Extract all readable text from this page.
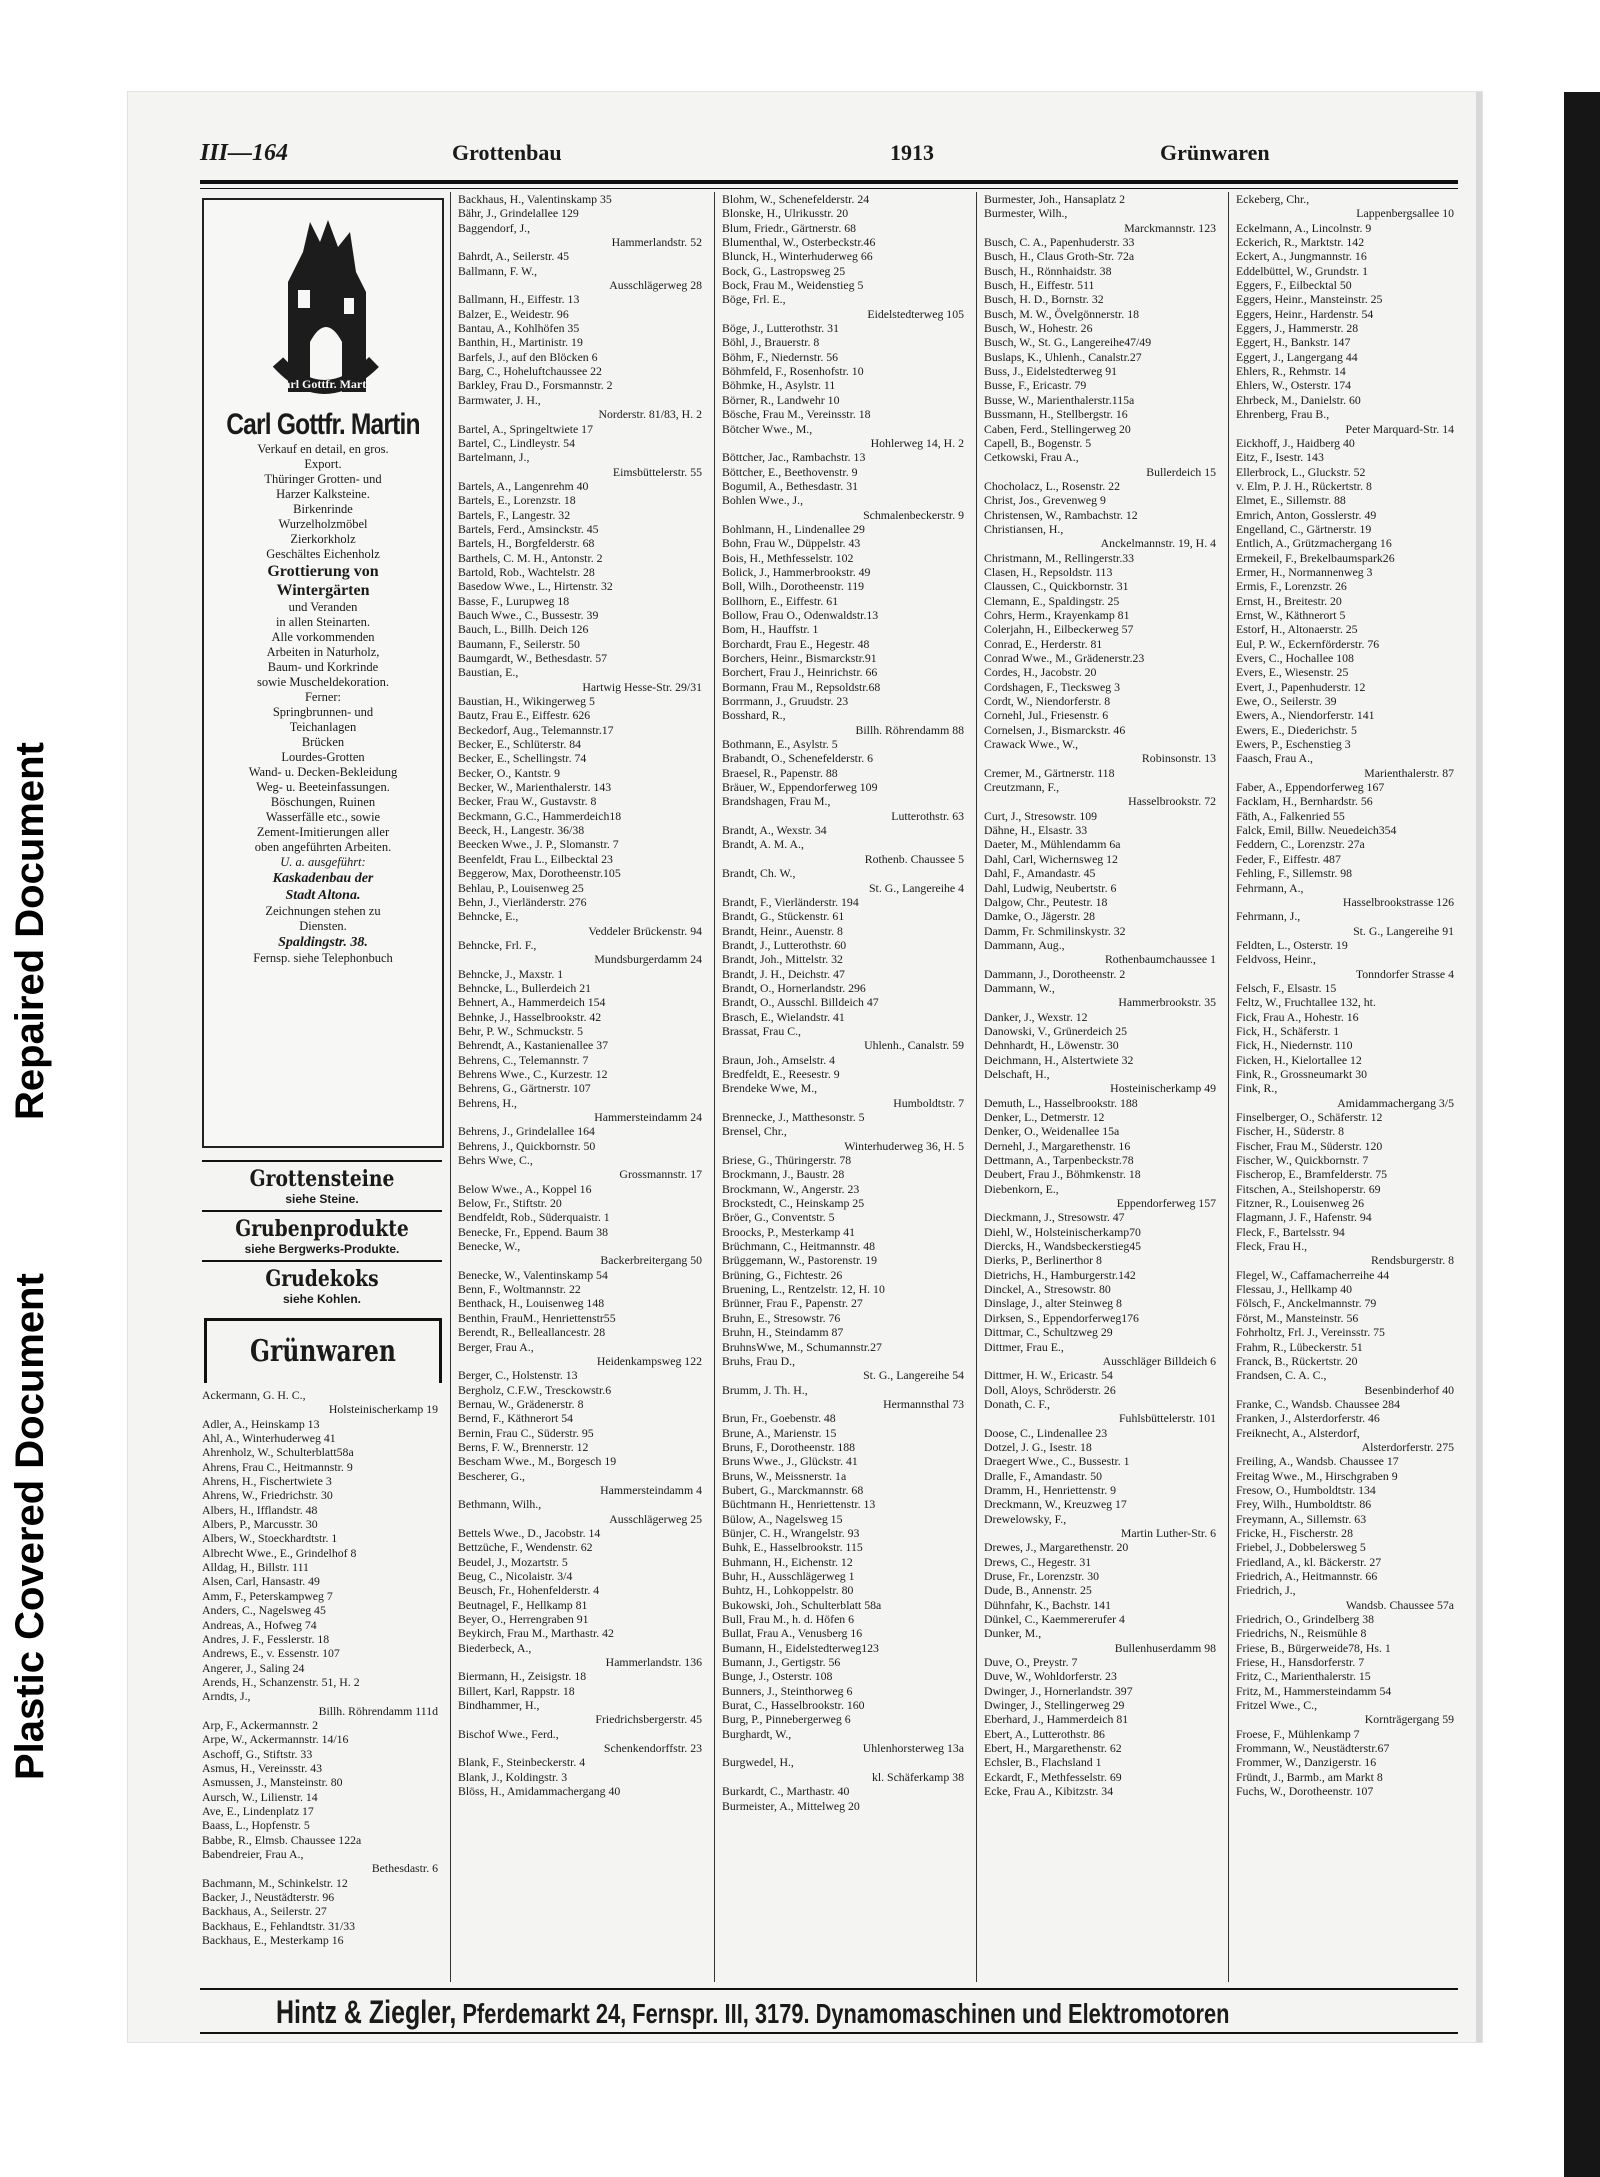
Repaired Document
Plastic Covered Document
III—164	Grottenbau	1913	Grünwaren
Carl Gottfr. Martin
Carl Gottfr. Martin
Verkauf en detail, en gros.
Export.
Thüringer Grotten- und
Harzer Kalksteine.
Birkenrinde
Wurzelholzmöbel
Zierkorkholz
Geschältes Eichenholz
Grottierung von
Wintergärten
und Veranden
in allen Steinarten.
Alle vorkommenden
Arbeiten in Naturholz,
Baum- und Korkrinde
sowie Muscheldekoration.
Ferner:
Springbrunnen- und
Teichanlagen
Brücken
Lourdes-Grotten
Wand- u. Decken-Bekleidung
Weg- u. Beeteinfassungen.
Böschungen, Ruinen
Wasserfälle etc., sowie
Zement-Imitierungen aller
oben angeführten Arbeiten.
U. a. ausgeführt:
Kaskadenbau der
Stadt Altona.
Zeichnungen stehen zu
Diensten.
Spaldingstr. 38.
Fernsp. siehe Telephonbuch
Grottensteine
siehe Steine.
Grubenprodukte
siehe Bergwerks-Produkte.
Grudekoks
siehe Kohlen.
Grünwaren
Ackermann, G. H. C.,
Holsteinischerkamp 19
Adler, A., Heinskamp 13
Ahl, A., Winterhuderweg 41
Ahrenholz, W., Schulterblatt58a
Ahrens, Frau C., Heitmannstr. 9
Ahrens, H., Fischertwiete 3
Ahrens, W., Friedrichstr. 30
Albers, H., Ifflandstr. 48
Albers, P., Marcusstr. 30
Albers, W., Stoeckhardtstr. 1
Albrecht Wwe., E., Grindelhof 8
Alldag, H., Billstr. 111
Alsen, Carl, Hansastr. 49
Amm, F., Peterskampweg 7
Anders, C., Nagelsweg 45
Andreas, A., Hofweg 74
Andres, J. F., Fesslerstr. 18
Andrews, E., v. Essenstr. 107
Angerer, J., Saling 24
Arends, H., Schanzenstr. 51, H. 2
Arndts, J.,
Billh. Röhrendamm 111d
Arp, F., Ackermannstr. 2
Arpe, W., Ackermannstr. 14/16
Aschoff, G., Stiftstr. 33
Asmus, H., Vereinsstr. 43
Asmussen, J., Mansteinstr. 80
Aursch, W., Lilienstr. 14
Ave, E., Lindenplatz 17
Baass, L., Hopfenstr. 5
Babbe, R., Elmsb. Chaussee 122a
Babendreier, Frau A.,
Bethesdastr. 6
Bachmann, M., Schinkelstr. 12
Backer, J., Neustädterstr. 96
Backhaus, A., Seilerstr. 27
Backhaus, E., Fehlandtstr. 31/33
Backhaus, E., Mesterkamp 16
Backhaus, H., Valentinskamp 35
Bähr, J., Grindelallee 129
Baggendorf, J.,
Hammerlandstr. 52
Bahrdt, A., Seilerstr. 45
Ballmann, F. W.,
Ausschlägerweg 28
Ballmann, H., Eiffestr. 13
Balzer, E., Weidestr. 96
Bantau, A., Kohlhöfen 35
Banthin, H., Martinistr. 19
Barfels, J., auf den Blöcken 6
Barg, C., Hoheluftchaussee 22
Barkley, Frau D., Forsmannstr. 2
Barmwater, J. H.,
Norderstr. 81/83, H. 2
Bartel, A., Springeltwiete 17
Bartel, C., Lindleystr. 54
Bartelmann, J.,
Eimsbüttelerstr. 55
Bartels, A., Langenrehm 40
Bartels, E., Lorenzstr. 18
Bartels, F., Langestr. 32
Bartels, Ferd., Amsinckstr. 45
Bartels, H., Borgfelderstr. 68
Barthels, C. M. H., Antonstr. 2
Bartold, Rob., Wachtelstr. 28
Basedow Wwe., L., Hirtenstr. 32
Basse, F., Lurupweg 18
Bauch Wwe., C., Bussestr. 39
Bauch, L., Billh. Deich 126
Baumann, F., Seilerstr. 50
Baumgardt, W., Bethesdastr. 57
Baustian, E.,
Hartwig Hesse-Str. 29/31
Baustian, H., Wikingerweg 5
Bautz, Frau E., Eiffestr. 626
Beckedorf, Aug., Telemannstr.17
Becker, E., Schlüterstr. 84
Becker, E., Schellingstr. 74
Becker, O., Kantstr. 9
Becker, W., Marienthalerstr. 143
Becker, Frau W., Gustavstr. 8
Beckmann, G.C., Hammerdeich18
Beeck, H., Langestr. 36/38
Beecken Wwe., J. P., Slomanstr. 7
Beenfeldt, Frau L., Eilbecktal 23
Beggerow, Max, Dorotheenstr.105
Behlau, P., Louisenweg 25
Behn, J., Vierländerstr. 276
Behncke, E.,
Veddeler Brückenstr. 94
Behncke, Frl. F.,
Mundsburgerdamm 24
Behncke, J., Maxstr. 1
Behncke, L., Bullerdeich 21
Behnert, A., Hammerdeich 154
Behnke, J., Hasselbrookstr. 42
Behr, P. W., Schmuckstr. 5
Behrendt, A., Kastanienallee 37
Behrens, C., Telemannstr. 7
Behrens Wwe., C., Kurzestr. 12
Behrens, G., Gärtnerstr. 107
Behrens, H.,
Hammersteindamm 24
Behrens, J., Grindelallee 164
Behrens, J., Quickbornstr. 50
Behrs Wwe, C.,
Grossmannstr. 17
Below Wwe., A., Koppel 16
Below, Fr., Stiftstr. 20
Bendfeldt, Rob., Süderquaistr. 1
Benecke, Fr., Eppend. Baum 38
Benecke, W.,
Backerbreitergang 50
Benecke, W., Valentinskamp 54
Benn, F., Woltmannstr. 22
Benthack, H., Louisenweg 148
Benthin, FrauM., Henriettenstr55
Berendt, R., Belleallancestr. 28
Berger, Frau A.,
Heidenkampsweg 122
Berger, C., Holstenstr. 13
Bergholz, C.F.W., Tresckowstr.6
Bernau, W., Grädenerstr. 8
Bernd, F., Käthnerort 54
Bernin, Frau C., Süderstr. 95
Berns, F. W., Brennerstr. 12
Bescham Wwe., M., Borgesch 19
Bescherer, G.,
Hammersteindamm 4
Bethmann, Wilh.,
Ausschlägerweg 25
Bettels Wwe., D., Jacobstr. 14
Bettzüche, F., Wendenstr. 62
Beudel, J., Mozartstr. 5
Beug, C., Nicolaistr. 3/4
Beusch, Fr., Hohenfelderstr. 4
Beutnagel, F., Hellkamp 81
Beyer, O., Herrengraben 91
Beykirch, Frau M., Marthastr. 42
Biederbeck, A.,
Hammerlandstr. 136
Biermann, H., Zeisigstr. 18
Billert, Karl, Rappstr. 18
Bindhammer, H.,
Friedrichsbergerstr. 45
Bischof Wwe., Ferd.,
Schenkendorffstr. 23
Blank, F., Steinbeckerstr. 4
Blank, J., Koldingstr. 3
Blöss, H., Amidammachergang 40
Blohm, W., Schenefelderstr. 24
Blonske, H., Ulrikusstr. 20
Blum, Friedr., Gärtnerstr. 68
Blumenthal, W., Osterbeckstr.46
Blunck, H., Winterhuderweg 66
Bock, G., Lastropsweg 25
Bock, Frau M., Weidenstieg 5
Böge, Frl. E.,
Eidelstedterweg 105
Böge, J., Lutterothstr. 31
Böhl, J., Brauerstr. 8
Böhm, F., Niedernstr. 56
Böhmfeld, F., Rosenhofstr. 10
Böhmke, H., Asylstr. 11
Börner, R., Landwehr 10
Bösche, Frau M., Vereinsstr. 18
Bötcher Wwe., M.,
Hohlerweg 14, H. 2
Böttcher, Jac., Rambachstr. 13
Böttcher, E., Beethovenstr. 9
Bogumil, A., Bethesdastr. 31
Bohlen Wwe., J.,
Schmalenbeckerstr. 9
Bohlmann, H., Lindenallee 29
Bohn, Frau W., Düppelstr. 43
Bois, H., Methfesselstr. 102
Bolick, J., Hammerbrookstr. 49
Boll, Wilh., Dorotheenstr. 119
Bollhorn, E., Eiffestr. 61
Bollow, Frau O., Odenwaldstr.13
Bom, H., Hauffstr. 1
Borchardt, Frau E., Hegestr. 48
Borchers, Heinr., Bismarckstr.91
Borchert, Frau J., Heinrichstr. 66
Bormann, Frau M., Repsoldstr.68
Borrmann, J., Gruudstr. 23
Bosshard, R.,
Billh. Röhrendamm 88
Bothmann, E., Asylstr. 5
Brabandt, O., Schenefelderstr. 6
Braesel, R., Papenstr. 88
Bräuer, W., Eppendorferweg 109
Brandshagen, Frau M.,
Lutterothstr. 63
Brandt, A., Wexstr. 34
Brandt, A. M. A.,
Rothenb. Chaussee 5
Brandt, Ch. W.,
St. G., Langereihe 4
Brandt, F., Vierländerstr. 194
Brandt, G., Stückenstr. 61
Brandt, Heinr., Auenstr. 8
Brandt, J., Lutterothstr. 60
Brandt, Joh., Mittelstr. 32
Brandt, J. H., Deichstr. 47
Brandt, O., Hornerlandstr. 296
Brandt, O., Ausschl. Billdeich 47
Brasch, E., Wielandstr. 41
Brassat, Frau C.,
Uhlenh., Canalstr. 59
Braun, Joh., Amselstr. 4
Bredfeldt, E., Reesestr. 9
Brendeke Wwe, M.,
Humboldtstr. 7
Brennecke, J., Matthesonstr. 5
Brensel, Chr.,
Winterhuderweg 36, H. 5
Briese, G., Thüringerstr. 78
Brockmann, J., Baustr. 28
Brockmann, W., Angerstr. 23
Brockstedt, C., Heinskamp 25
Bröer, G., Conventstr. 5
Broocks, P., Mesterkamp 41
Brüchmann, C., Heitmannstr. 48
Brüggemann, W., Pastorenstr. 19
Brüning, G., Fichtestr. 26
Bruening, L., Rentzelstr. 12, H. 10
Brünner, Frau F., Papenstr. 27
Bruhn, E., Stresowstr. 76
Bruhn, H., Steindamm 87
BruhnsWwe, M., Schumannstr.27
Bruhs, Frau D.,
St. G., Langereihe 54
Brumm, J. Th. H.,
Hermannsthal 73
Brun, Fr., Goebenstr. 48
Brune, A., Marienstr. 15
Bruns, F., Dorotheenstr. 188
Bruns Wwe., J., Glückstr. 41
Bruns, W., Meissnerstr. 1a
Bubert, G., Marckmannstr. 68
Büchtmann H., Henriettenstr. 13
Bülow, A., Nagelsweg 15
Bünjer, C. H., Wrangelstr. 93
Buhk, E., Hasselbrookstr. 115
Buhmann, H., Eichenstr. 12
Buhr, H., Ausschlägerweg 1
Buhtz, H., Lohkoppelstr. 80
Bukowski, Joh., Schulterblatt 58a
Bull, Frau M., h. d. Höfen 6
Bullat, Frau A., Venusberg 16
Bumann, H., Eidelstedterweg123
Bumann, J., Gertigstr. 56
Bunge, J., Osterstr. 108
Bunners, J., Steinthorweg 6
Burat, C., Hasselbrookstr. 160
Burg, P., Pinnebergerweg 6
Burghardt, W.,
Uhlenhorsterweg 13a
Burgwedel, H.,
kl. Schäferkamp 38
Burkardt, C., Marthastr. 40
Burmeister, A., Mittelweg 20
Burmester, Joh., Hansaplatz 2
Burmester, Wilh.,
Marckmannstr. 123
Busch, C. A., Papenhuderstr. 33
Busch, H., Claus Groth-Str. 72a
Busch, H., Rönnhaidstr. 38
Busch, H., Eiffestr. 511
Busch, H. D., Bornstr. 32
Busch, M. W., Övelgönnerstr. 18
Busch, W., Hohestr. 26
Busch, W., St. G., Langereihe47/49
Buslaps, K., Uhlenh., Canalstr.27
Buss, J., Eidelstedterweg 91
Busse, F., Ericastr. 79
Busse, W., Marienthalerstr.115a
Bussmann, H., Stellbergstr. 16
Caben, Ferd., Stellingerweg 20
Capell, B., Bogenstr. 5
Cetkowski, Frau A.,
Bullerdeich 15
Chocholacz, L., Rosenstr. 22
Christ, Jos., Grevenweg 9
Christensen, W., Rambachstr. 12
Christiansen, H.,
Anckelmannstr. 19, H. 4
Christmann, M., Rellingerstr.33
Clasen, H., Repsoldstr. 113
Claussen, C., Quickbornstr. 31
Clemann, E., Spaldingstr. 25
Cohrs, Herm., Krayenkamp 81
Colerjahn, H., Eilbeckerweg 57
Conrad, E., Herderstr. 81
Conrad Wwe., M., Grädenerstr.23
Cordes, H., Jacobstr. 20
Cordshagen, F., Tiecksweg 3
Cordt, W., Niendorferstr. 8
Cornehl, Jul., Friesenstr. 6
Cornelsen, J., Bismarckstr. 46
Crawack Wwe., W.,
Robinsonstr. 13
Cremer, M., Gärtnerstr. 118
Creutzmann, F.,
Hasselbrookstr. 72
Curt, J., Stresowstr. 109
Dähne, H., Elsastr. 33
Daeter, M., Mühlendamm 6a
Dahl, Carl, Wichernsweg 12
Dahl, F., Amandastr. 45
Dahl, Ludwig, Neubertstr. 6
Dalgow, Chr., Peutestr. 18
Damke, O., Jägerstr. 28
Damm, Fr. Schmilinskystr. 32
Dammann, Aug.,
Rothenbaumchaussee 1
Dammann, J., Dorotheenstr. 2
Dammann, W.,
Hammerbrookstr. 35
Danker, J., Wexstr. 12
Danowski, V., Grünerdeich 25
Dehnhardt, H., Löwenstr. 30
Deichmann, H., Alstertwiete 32
Delschaft, H.,
Hosteinischerkamp 49
Demuth, L., Hasselbrookstr. 188
Denker, L., Detmerstr. 12
Denker, O., Weidenallee 15a
Dernehl, J., Margarethenstr. 16
Dettmann, A., Tarpenbeckstr.78
Deubert, Frau J., Böhmkenstr. 18
Diebenkorn, E.,
Eppendorferweg 157
Dieckmann, J., Stresowstr. 47
Diehl, W., Holsteinischerkamp70
Diercks, H., Wandsbeckerstieg45
Dierks, P., Berlinerthor 8
Dietrichs, H., Hamburgerstr.142
Dinckel, A., Stresowstr. 80
Dinslage, J., alter Steinweg 8
Dirksen, S., Eppendorferweg176
Dittmar, C., Schultzweg 29
Dittmer, Frau E.,
Ausschläger Billdeich 6
Dittmer, H. W., Ericastr. 54
Doll, Aloys, Schröderstr. 26
Donath, C. F.,
Fuhlsbüttelerstr. 101
Doose, C., Lindenallee 23
Dotzel, J. G., Isestr. 18
Draegert Wwe., C., Bussestr. 1
Dralle, F., Amandastr. 50
Dramm, H., Henriettenstr. 9
Dreckmann, W., Kreuzweg 17
Drewelowsky, F.,
Martin Luther-Str. 6
Drewes, J., Margarethenstr. 20
Drews, C., Hegestr. 31
Druse, Fr., Lorenzstr. 30
Dude, B., Annenstr. 25
Dühnfahr, K., Bachstr. 141
Dünkel, C., Kaemmererufer 4
Dunker, M.,
Bullenhuserdamm 98
Duve, O., Preystr. 7
Duve, W., Wohldorferstr. 23
Dwinger, J., Hornerlandstr. 397
Dwinger, J., Stellingerweg 29
Eberhard, J., Hammerdeich 81
Ebert, A., Lutterothstr. 86
Ebert, H., Margarethenstr. 62
Echsler, B., Flachsland 1
Eckardt, F., Methfesselstr. 69
Ecke, Frau A., Kibitzstr. 34
Eckeberg, Chr.,
Lappenbergsallee 10
Eckelmann, A., Lincolnstr. 9
Eckerich, R., Marktstr. 142
Eckert, A., Jungmannstr. 16
Eddelbüttel, W., Grundstr. 1
Eggers, F., Eilbecktal 50
Eggers, Heinr., Mansteinstr. 25
Eggers, Heinr., Hardenstr. 54
Eggers, J., Hammerstr. 28
Eggert, H., Bankstr. 147
Eggert, J., Langergang 44
Ehlers, R., Rehmstr. 14
Ehlers, W., Osterstr. 174
Ehrbeck, M., Danielstr. 60
Ehrenberg, Frau B.,
Peter Marquard-Str. 14
Eickhoff, J., Haidberg 40
Eitz, F., Isestr. 143
Ellerbrock, L., Gluckstr. 52
v. Elm, P. J. H., Rückertstr. 8
Elmet, E., Sillemstr. 88
Emrich, Anton, Gosslerstr. 49
Engelland, C., Gärtnerstr. 19
Entlich, A., Grützmachergang 16
Ermekeil, F., Brekelbaumspark26
Ermer, H., Normannenweg 3
Ermis, F., Lorenzstr. 26
Ernst, H., Breitestr. 20
Ernst, W., Käthnerort 5
Estorf, H., Altonaerstr. 25
Eul, P. W., Eckernförderstr. 76
Evers, C., Hochallee 108
Evers, E., Wiesenstr. 25
Evert, J., Papenhuderstr. 12
Ewe, O., Seilerstr. 39
Ewers, A., Niendorferstr. 141
Ewers, E., Diederichstr. 5
Ewers, P., Eschenstieg 3
Faasch, Frau A.,
Marienthalerstr. 87
Faber, A., Eppendorferweg 167
Facklam, H., Bernhardstr. 56
Fäth, A., Falkenried 55
Falck, Emil, Billw. Neuedeich354
Feddern, C., Lorenzstr. 27a
Feder, F., Eiffestr. 487
Fehling, F., Sillemstr. 98
Fehrmann, A.,
Hasselbrookstrasse 126
Fehrmann, J.,
St. G., Langereihe 91
Feldten, L., Osterstr. 19
Feldvoss, Heinr.,
Tonndorfer Strasse 4
Felsch, F., Elsastr. 15
Feltz, W., Fruchtallee 132, ht.
Fick, Frau A., Hohestr. 16
Fick, H., Schäferstr. 1
Fick, H., Niedernstr. 110
Ficken, H., Kielortallee 12
Fink, R., Grossneumarkt 30
Fink, R.,
Amidammachergang 3/5
Finselberger, O., Schäferstr. 12
Fischer, H., Süderstr. 8
Fischer, Frau M., Süderstr. 120
Fischer, W., Quickbornstr. 7
Fischerop, E., Bramfelderstr. 75
Fitschen, A., Steilshoperstr. 69
Fitzner, R., Louisenweg 26
Flagmann, J. F., Hafenstr. 94
Fleck, F., Bartelsstr. 94
Fleck, Frau H.,
Rendsburgerstr. 8
Flegel, W., Caffamacherreihe 44
Flessau, J., Hellkamp 40
Fölsch, F., Anckelmannstr. 79
Först, M., Mansteinstr. 56
Fohrholtz, Frl. J., Vereinsstr. 75
Frahm, R., Lübeckerstr. 51
Franck, B., Rückertstr. 20
Frandsen, C. A. C.,
Besenbinderhof 40
Franke, C., Wandsb. Chaussee 284
Franken, J., Alsterdorferstr. 46
Freiknecht, A., Alsterdorf,
Alsterdorferstr. 275
Freiling, A., Wandsb. Chaussee 17
Freitag Wwe., M., Hirschgraben 9
Fresow, O., Humboldtstr. 134
Frey, Wilh., Humboldtstr. 86
Freymann, A., Sillemstr. 63
Fricke, H., Fischerstr. 28
Friebel, J., Dobbelersweg 5
Friedland, A., kl. Bäckerstr. 27
Friedrich, A., Heitmannstr. 66
Friedrich, J.,
Wandsb. Chaussee 57a
Friedrich, O., Grindelberg 38
Friedrichs, N., Reismühle 8
Friese, B., Bürgerweide78, Hs. 1
Friese, H., Hansdorferstr. 7
Fritz, C., Marienthalerstr. 15
Fritz, M., Hammersteindamm 54
Fritzel Wwe., C.,
Kornträgergang 59
Froese, F., Mühlenkamp 7
Frommann, W., Neustädterstr.67
Frommer, W., Danzigerstr. 16
Fründt, J., Barmb., am Markt 8
Fuchs, W., Dorotheenstr. 107
Hintz & Ziegler, Pferdemarkt 24, Fernspr. III, 3179. Dynamomaschinen und Elektromotoren
